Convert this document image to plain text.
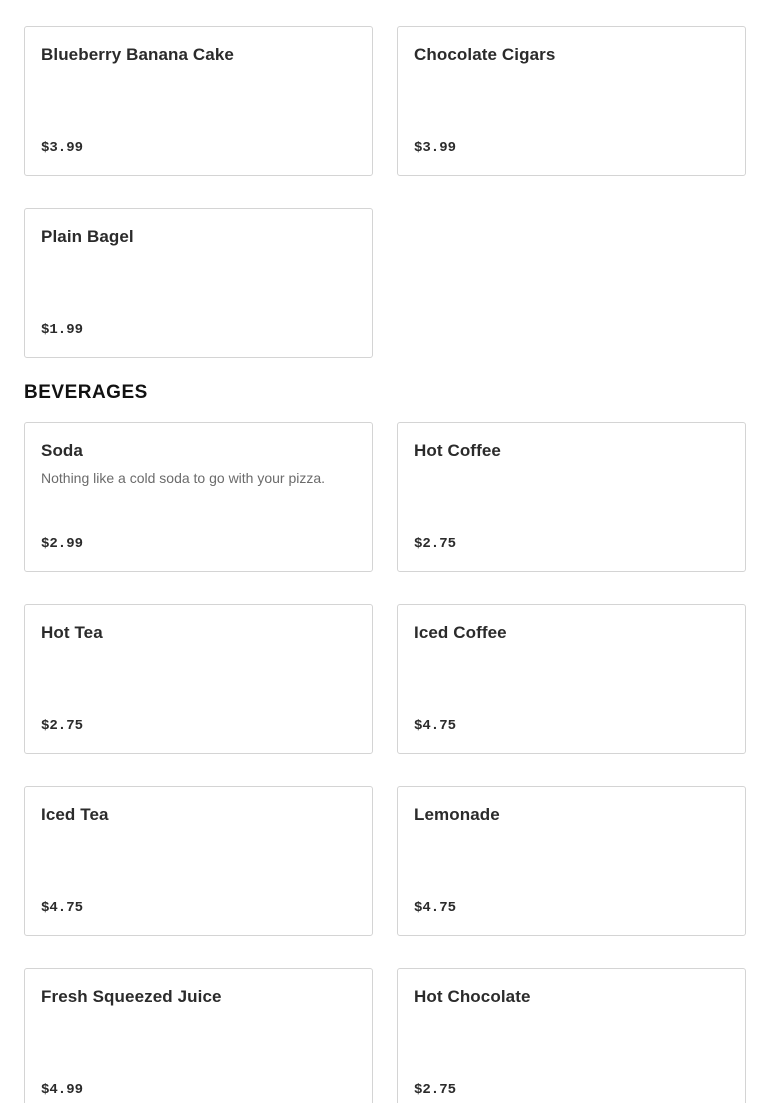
Blueberry Banana Cake
$3.99
Chocolate Cigars
$3.99
Plain Bagel
$1.99
BEVERAGES
Soda
Nothing like a cold soda to go with your pizza.
$2.99
Hot Coffee
$2.75
Hot Tea
$2.75
Iced Coffee
$4.75
Iced Tea
$4.75
Lemonade
$4.75
Fresh Squeezed Juice
$4.99
Hot Chocolate
$2.75
